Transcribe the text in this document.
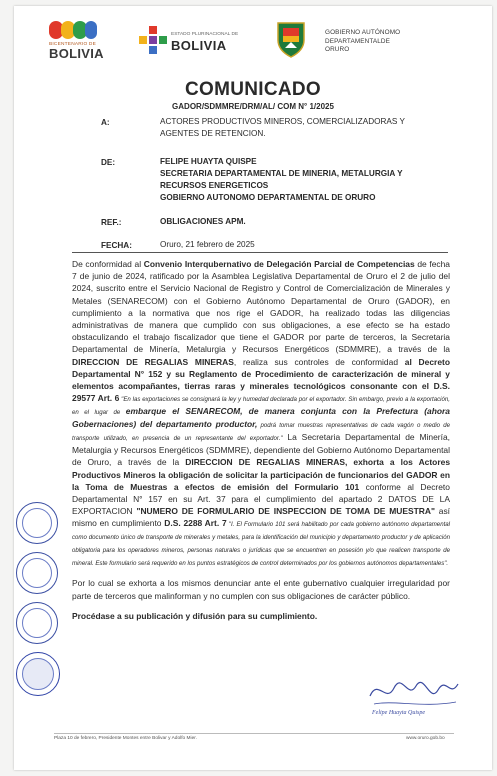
BICENTENARIO DE
BOLIVIA
ESTADO PLURINACIONAL DE
BOLIVIA
GOBIERNO AUTÓNOMO
DEPARTAMENTALDE
ORURO
COMUNICADO
GADOR/SDMMRE/DRM/AL/ COM N° 1/2025
A:	ACTORES PRODUCTIVOS MINEROS, COMERCIALIZADORAS Y AGENTES DE RETENCION.
DE:	FELIPE HUAYTA QUISPE
SECRETARIA DEPARTAMENTAL DE MINERIA, METALURGIA Y RECURSOS ENERGETICOS
GOBIERNO AUTONOMO DEPARTAMENTAL DE ORURO
REF.:	OBLIGACIONES APM.
FECHA:	Oruro, 21 febrero de 2025

De conformidad al Convenio Interqubernativo de Delegación Parcial de Competencias de fecha 7 de junio de 2024, ratificado por la Asamblea Legislativa Departamental de Oruro el 2 de julio del 2024, suscrito entre el Servicio Nacional de Registro y Control de Comercialización de Minerales y Metales (SENARECOM) con el Gobierno Autónomo Departamental de Oruro (GADOR), en cumplimiento a la normativa que nos rige el GADOR, ha realizado todas las diligencias administrativas de manera que cumplido con sus obligaciones, a ese efecto se ha estado obstaculizando el trabajo fiscalizador que tiene el GADOR por parte de terceros, la Secretaria Departamental de Minería, Metalurgia y Recursos Energéticos (SDMMRE), a través de la DIRECCION DE REGALIAS MINERAS, realiza sus controles de conformidad al Decreto Departamental N° 152 y su Reglamento de Procedimiento de caracterización de mineral y elementos acompañantes, tierras raras y minerales tecnológicos consonante con el D.S. 29577 Art. 6 "En las exportaciones se consignará la ley y humedad declarada por el exportador. Sin embargo, previo a la exportación, en el lugar de embarque el SENARECOM, de manera conjunta con la Prefectura (ahora Gobernaciones) del departamento productor, podrá tomar muestras representativas de cada vagón o medio de transporte utilizado, en presencia de un representante del exportador." La Secretaria Departamental de Minería, Metalurgia y Recursos Energéticos (SDMMRE), dependiente del Gobierno Autónomo Departamental de Oruro, a través de la DIRECCION DE REGALIAS MINERAS, exhorta a los Actores Productivos Mineros la obligación de solicitar la participación de funcionarios del GADOR en la Toma de Muestras a efectos de emisión del Formulario 101 conforme al Decreto Departamental N° 157 en su Art. 37 para el cumplimiento del apartado 2 DATOS DE LA EXPORTACION "NUMERO DE FORMULARIO DE INSPECCION DE TOMA DE MUESTRA" así mismo en cumplimiento D.S. 2288 Art. 7 "I. El Formulario 101 será habilitado por cada gobierno autónomo departamental como documento único de transporte de minerales y metales, para la identificación del municipio y departamento productor y de aplicación obligatoria para los operadores mineros, personas naturales o jurídicas que se encuentren en posesión y/o que realicen transporte de mineral. Este formulario será requerido en los puntos estratégicos de control determinados por los gobiernos autónomos departamentales".

Por lo cual se exhorta a los mismos denunciar ante el ente gubernativo cualquier irregularidad por parte de terceros que malinforman y no cumplen con sus obligaciones de carácter público.

Procédase a su publicación y difusión para su cumplimiento.

Felipe Huayta Quispe
Plaza 10 de febrero, Presidente Montes entre Bolivar y Adolfo Mier.	www.oruro.gob.bo
